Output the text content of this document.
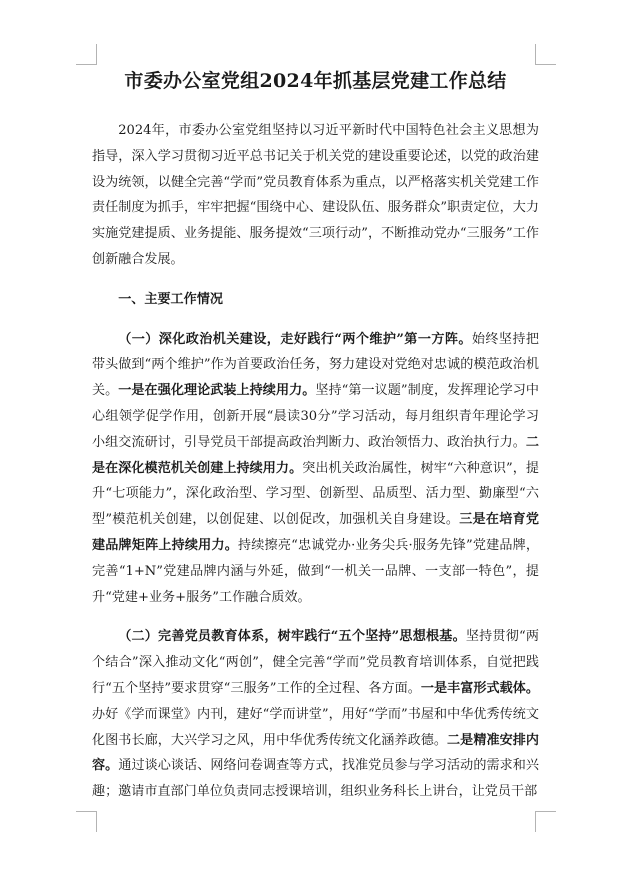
市委办公室党组2024年抓基层党建工作总结

2024年，市委办公室党组坚持以习近平新时代中国特色社会主义思想为指导，深入学习贯彻习近平总书记关于机关党的建设重要论述，以党的政治建设为统领，以健全完善“学而”党员教育体系为重点，以严格落实机关党建工作责任制度为抓手，牢牢把握“围绕中心、建设队伍、服务群众”职责定位，大力实施党建提质、业务提能、服务提效“三项行动”，不断推动党办“三服务”工作创新融合发展。

一、主要工作情况

（一）深化政治机关建设，走好践行“两个维护”第一方阵。始终坚持把带头做到“两个维护”作为首要政治任务，努力建设对党绝对忠诚的模范政治机关。一是在强化理论武装上持续用力。坚持“第一议题”制度，发挥理论学习中心组领学促学作用，创新开展“晨读30分”学习活动，每月组织青年理论学习小组交流研讨，引导党员干部提高政治判断力、政治领悟力、政治执行力。二是在深化模范机关创建上持续用力。突出机关政治属性，树牢“六种意识”，提升“七项能力”，深化政治型、学习型、创新型、品质型、活力型、勤廉型“六型”模范机关创建，以创促建、以创促改，加强机关自身建设。三是在培育党建品牌矩阵上持续用力。持续擦亮“忠诚党办·业务尖兵·服务先锋”党建品牌，完善“1+N”党建品牌内涵与外延，做到“一机关一品牌、一支部一特色”，提升“党建+业务+服务”工作融合质效。

（二）完善党员教育体系，树牢践行“五个坚持”思想根基。坚持贯彻“两个结合”深入推动文化“两创”，健全完善“学而”党员教育培训体系，自觉把践行“五个坚持”要求贯穿“三服务”工作的全过程、各方面。一是丰富形式载体。办好《学而课堂》内刊，建好“学而讲堂”，用好“学而”书屋和中华优秀传统文化图书长廊，大兴学习之风，用中华优秀传统文化涵养政德。二是精准安排内容。通过谈心谈话、网络问卷调查等方式，找准党员参与学习活动的需求和兴趣；邀请市直部门单位负责同志授课培训，组织业务科长上讲台，让党员干部
